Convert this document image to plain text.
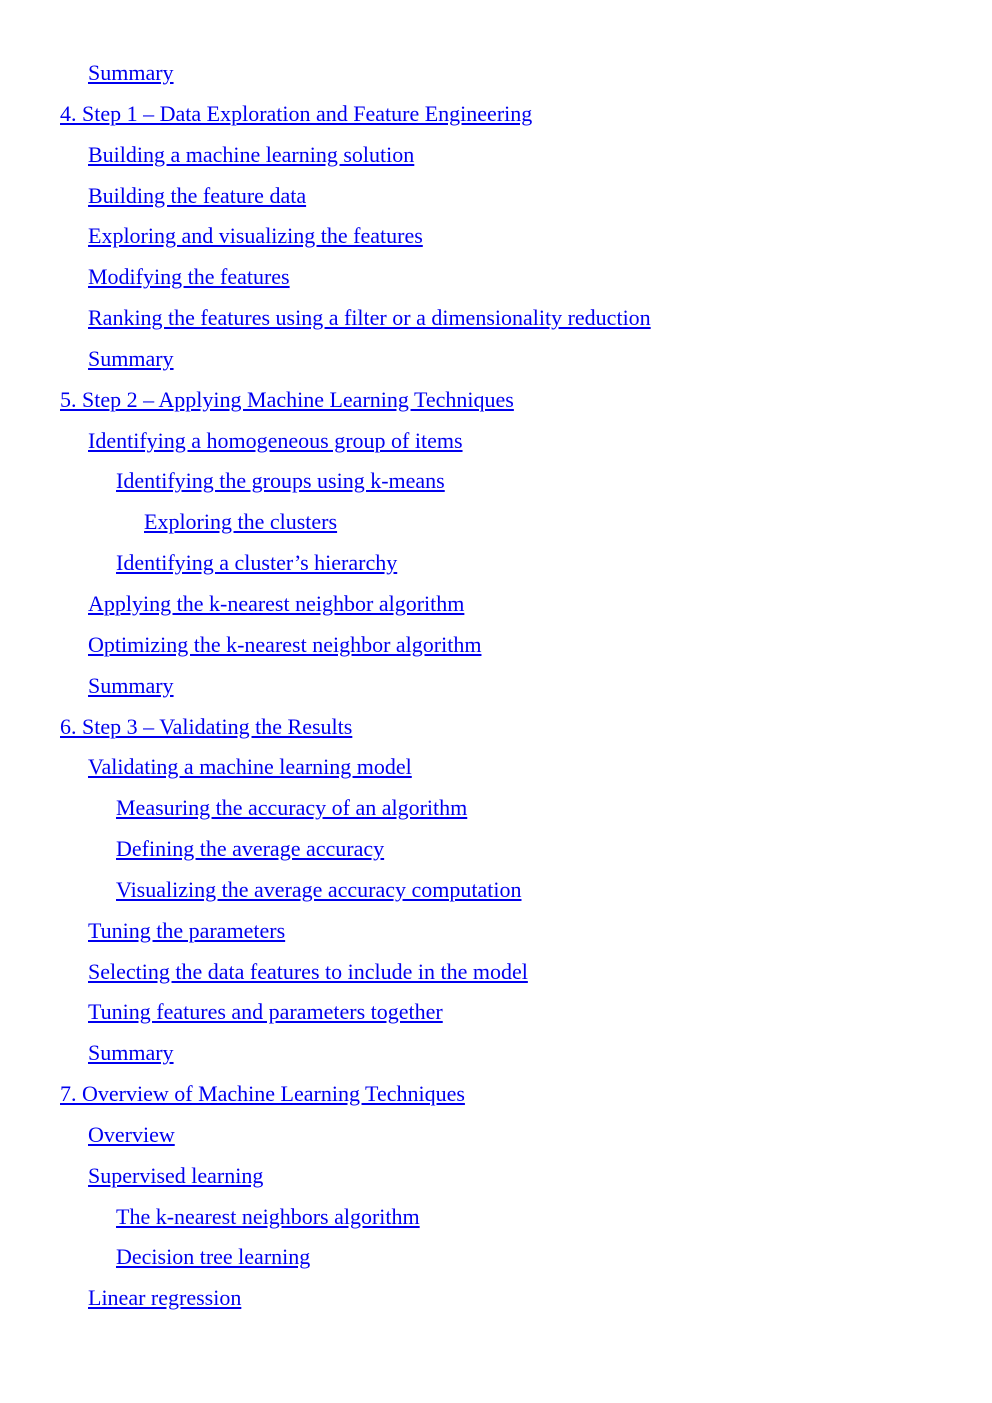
Summary
4. Step 1 – Data Exploration and Feature Engineering
Building a machine learning solution
Building the feature data
Exploring and visualizing the features
Modifying the features
Ranking the features using a filter or a dimensionality reduction
Summary
5. Step 2 – Applying Machine Learning Techniques
Identifying a homogeneous group of items
Identifying the groups using k-means
Exploring the clusters
Identifying a cluster’s hierarchy
Applying the k-nearest neighbor algorithm
Optimizing the k-nearest neighbor algorithm
Summary
6. Step 3 – Validating the Results
Validating a machine learning model
Measuring the accuracy of an algorithm
Defining the average accuracy
Visualizing the average accuracy computation
Tuning the parameters
Selecting the data features to include in the model
Tuning features and parameters together
Summary
7. Overview of Machine Learning Techniques
Overview
Supervised learning
The k-nearest neighbors algorithm
Decision tree learning
Linear regression
